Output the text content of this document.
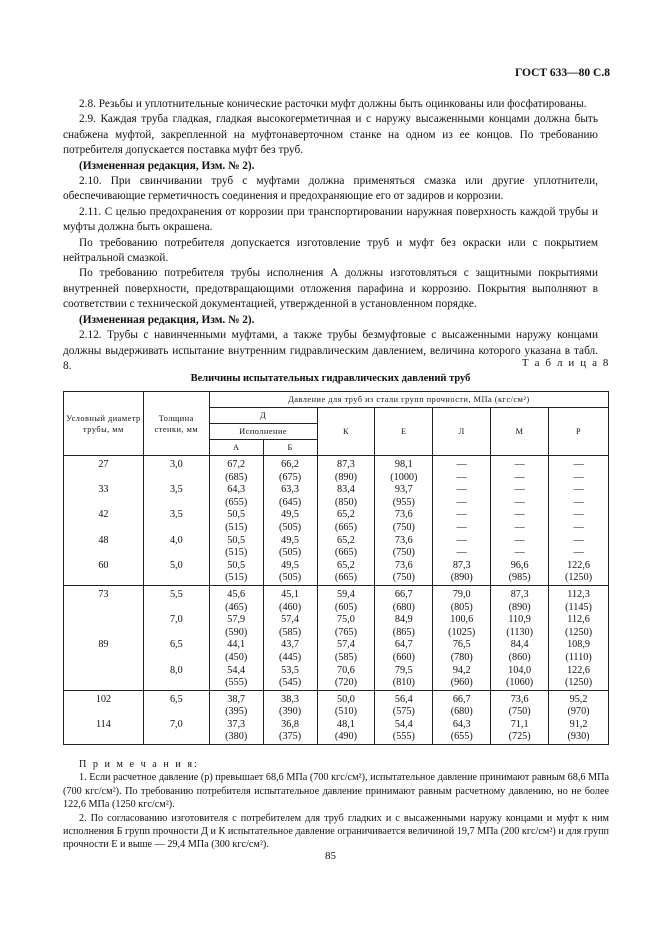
ГОСТ 633—80 С.8

2.8. Резьбы и уплотнительные конические расточки муфт должны быть оцинкованы или фосфатированы.

2.9. Каждая труба гладкая, гладкая высокогерметичная и с наружу высаженными концами должна быть снабжена муфтой, закрепленной на муфтонаверточном станке на одном из ее концов. По требованию потребителя допускается поставка муфт без труб.

(Измененная редакция, Изм. № 2).

2.10. При свинчивании труб с муфтами должна применяться смазка или другие уплотнители, обеспечивающие герметичность соединения и предохраняющие его от задиров и коррозии.

2.11. С целью предохранения от коррозии при транспортировании наружная поверхность каждой трубы и муфты должна быть окрашена.

По требованию потребителя допускается изготовление труб и муфт без окраски или с покрытием нейтральной смазкой.

По требованию потребителя трубы исполнения А должны изготовляться с защитными покрытиями внутренней поверхности, предотвращающими отложения парафина и коррозию. Покрытия выполняют в соответствии с технической документацией, утвержденной в установленном порядке.

(Измененная редакция, Изм. № 2).

2.12. Трубы с навинченными муфтами, а также трубы безмуфтовые с высаженными наружу концами должны выдерживать испытание внутренним гидравлическим давлением, величина которого указана в табл. 8.	Т а б л и ц а 8
Величины испытательных гидравлических давлений труб
Условный диаметр трубы, мм	Толщина стенки, мм	Давление для труб из стали групп прочности, МПа (кгс/см²)						
		Д		К	Е	Л	М	Р
		Исполнение						
		А	Б					
27	3,0	67,2	66,2	87,3	98,1	—	—	—
		(685)	(675)	(890)	(1000)	—	—	—
33	3,5	64,3	63,3	83,4	93,7	—	—	—
		(655)	(645)	(850)	(955)	—	—	—
42	3,5	50,5	49,5	65,2	73,6	—	—	—
		(515)	(505)	(665)	(750)	—	—	—
48	4,0	50,5	49,5	65,2	73,6	—	—	—
		(515)	(505)	(665)	(750)	—	—	—
60	5,0	50,5	49,5	65,2	73,6	87,3	96,6	122,6
		(515)	(505)	(665)	(750)	(890)	(985)	(1250)
73	5,5	45,6	45,1	59,4	66,7	79,0	87,3	112,3
		(465)	(460)	(605)	(680)	(805)	(890)	(1145)
	7,0	57,9	57,4	75,0	84,9	100,6	110,9	112,6
		(590)	(585)	(765)	(865)	(1025)	(1130)	(1250)
89	6,5	44,1	43,7	57,4	64,7	76,5	84,4	108,9
		(450)	(445)	(585)	(660)	(780)	(860)	(1110)
	8,0	54,4	53,5	70,6	79,5	94,2	104,0	122,6
		(555)	(545)	(720)	(810)	(960)	(1060)	(1250)
102	6,5	38,7	38,3	50,0	56,4	66,7	73,6	95,2
		(395)	(390)	(510)	(575)	(680)	(750)	(970)
114	7,0	37,3	36,8	48,1	54,4	64,3	71,1	91,2
		(380)	(375)	(490)	(555)	(655)	(725)	(930)

П р и м е ч а н и я:

1. Если расчетное давление (р) превышает 68,6 МПа (700 кгс/см²), испытательное давление принимают равным 68,6 МПа (700 кгс/см²). По требованию потребителя испытательное давление принимают равным расчетному давлению, но не более 122,6 МПа (1250 кгс/см²).

2. По согласованию изготовителя с потребителем для труб гладких и с высаженными наружу концами и муфт к ним исполнения Б групп прочности Д и К испытательное давление ограничивается величиной 19,7 МПа (200 кгс/см²) и для групп прочности Е и выше — 29,4 МПа (300 кгс/см²).

85
